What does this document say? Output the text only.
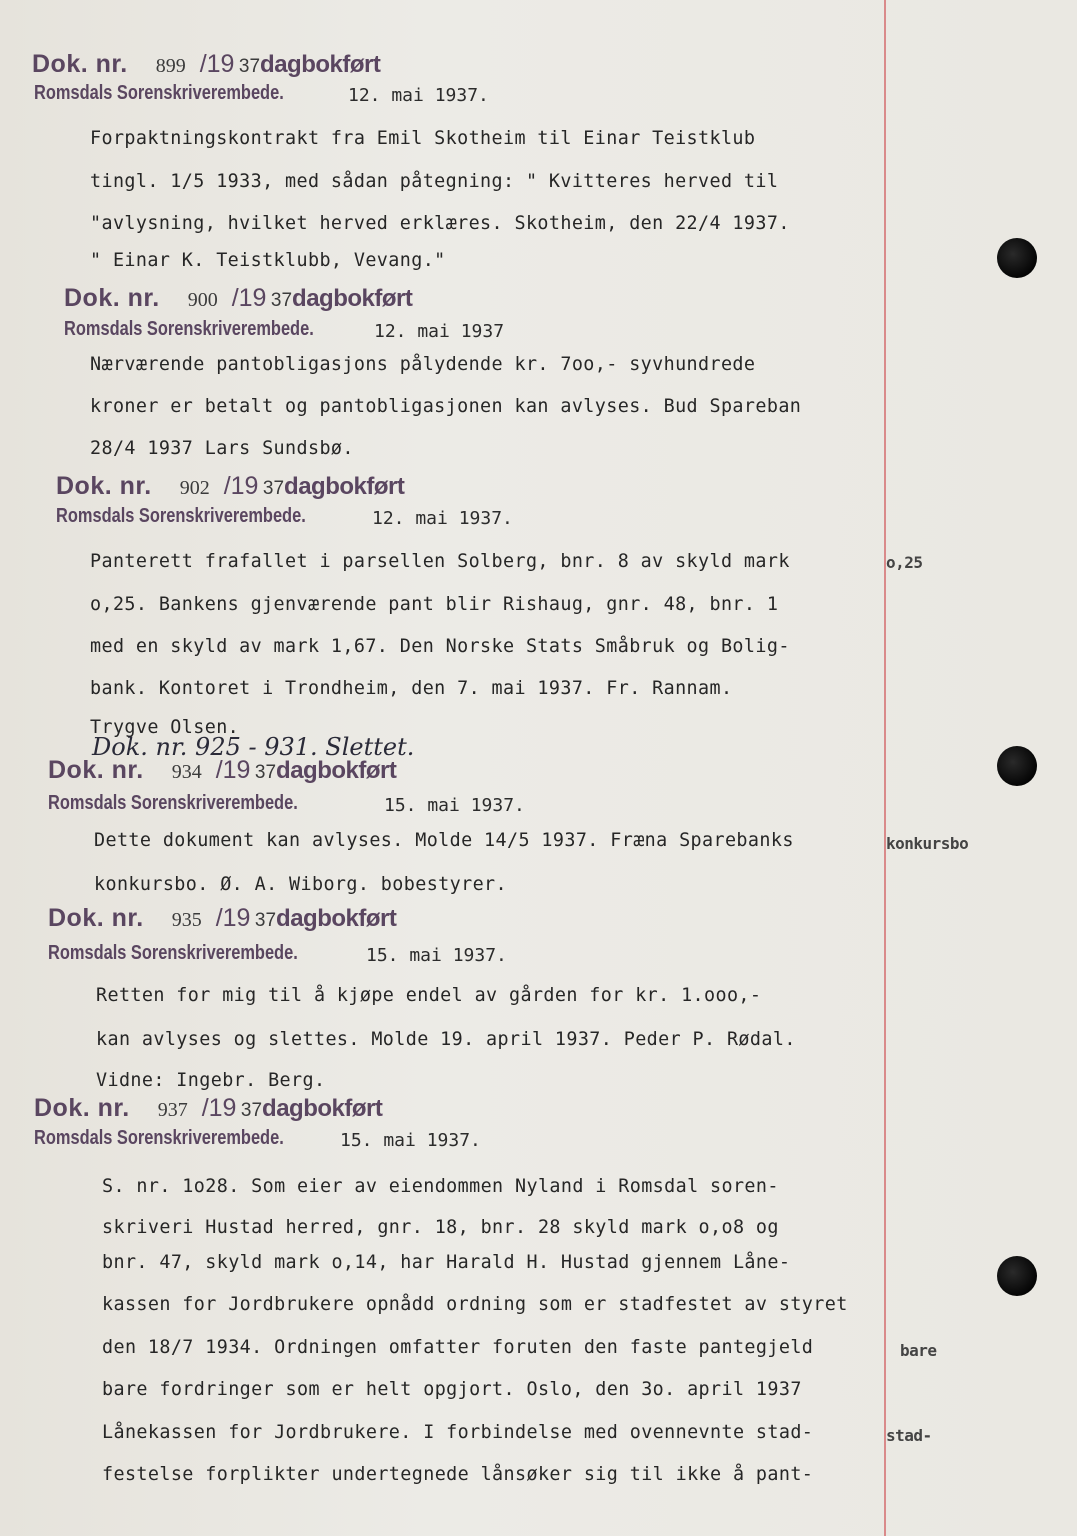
Dok. nr. 899 /19 37dagbokført
Romsdals Sorenskriverembede.	12. mai 1937.
Forpaktningskontrakt fra Emil Skotheim til Einar Teistklub
tingl. 1/5 1933, med sådan påtegning: " Kvitteres herved til
"avlysning, hvilket herved erklæres. Skotheim, den 22/4 1937.
" Einar K. Teistklubb, Vevang."
Dok. nr. 900 /19 37dagbokført
Romsdals Sorenskriverembede.	12. mai 1937
Nærværende pantobligasjons pålydende kr. 7oo,- syvhundrede
kroner er betalt og pantobligasjonen kan avlyses. Bud Spareban
28/4 1937 Lars Sundsbø.
Dok. nr. 902 /19 37dagbokført
Romsdals Sorenskriverembede.	12. mai 1937.
Panterett frafallet i parsellen Solberg, bnr. 8 av skyld mark
o,25. Bankens gjenværende pant blir Rishaug, gnr. 48, bnr. 1
med en skyld av mark 1,67. Den Norske Stats Småbruk og Bolig-
bank. Kontoret i Trondheim, den 7. mai 1937. Fr. Rannam.
Trygve Olsen.
o,25
Dok. nr. 925 - 931. Slettet.
Dok. nr. 934 /19 37dagbokført
Romsdals Sorenskriverembede.	15. mai 1937.
Dette dokument kan avlyses. Molde 14/5 1937. Fræna Sparebanks
konkursbo. Ø. A. Wiborg. bobestyrer.
konkursbo
Dok. nr. 935 /19 37dagbokført
Romsdals Sorenskriverembede.	15. mai 1937.
Retten for mig til å kjøpe endel av gården for kr. 1.ooo,-
kan avlyses og slettes. Molde 19. april 1937. Peder P. Rødal.
Vidne: Ingebr. Berg.
Dok. nr. 937 /19 37dagbokført
Romsdals Sorenskriverembede.	15. mai 1937.
S. nr. 1o28. Som eier av eiendommen Nyland i Romsdal soren-
skriveri Hustad herred, gnr. 18, bnr. 28 skyld mark o,o8 og
bnr. 47, skyld mark o,14, har Harald H. Hustad gjennem Låne-
kassen for Jordbrukere opnådd ordning som er stadfestet av styret
den 18/7 1934. Ordningen omfatter foruten den faste pantegjeld
bare fordringer som er helt opgjort. Oslo, den 3o. april 1937
Lånekassen for Jordbrukere. I forbindelse med ovennevnte stad-
festelse forplikter undertegnede lånsøker sig til ikke å pant-
bare
stad-
